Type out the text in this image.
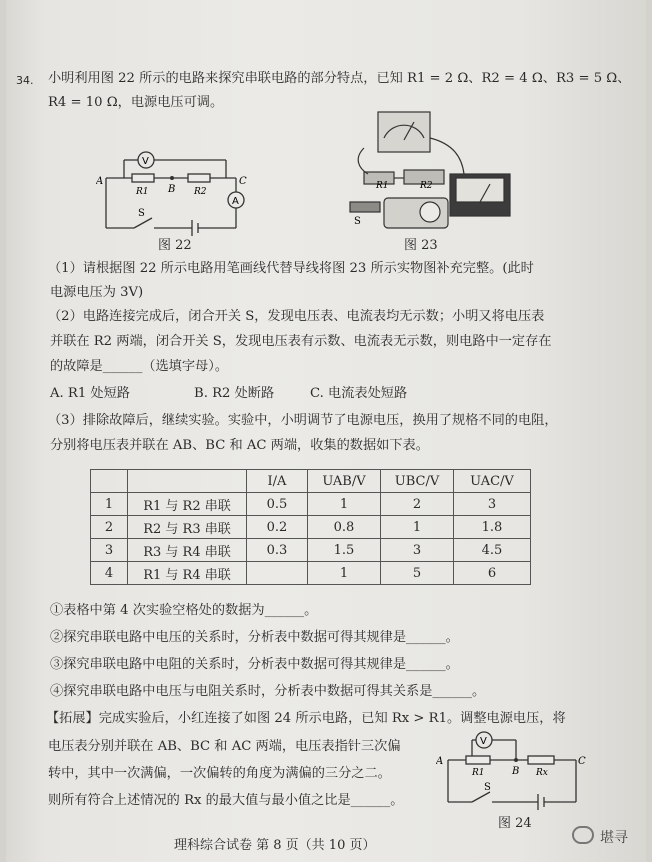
34. 小明利用图 22 所示的电路来探究串联电路的部分特点，已知 R1 = 2 Ω、R2 = 4 Ω、R3 = 5 Ω、
R4 = 10 Ω，电源电压可调。
V
A
A
B
C
R1	R2
S
图 22
R1	R2
S
图 23
（1）请根据图 22 所示电路用笔画线代替导线将图 23 所示实物图补充完整。(此时
电源电压为 3V)
（2）电路连接完成后，闭合开关 S，发现电压表、电流表均无示数；小明又将电压表
并联在 R2 两端，闭合开关 S，发现电压表有示数、电流表无示数，则电路中一定存在
的故障是______（选填字母）。
A. R1 处短路	B. R2 处断路	C. 电流表处短路
（3）排除故障后，继续实验。实验中，小明调节了电源电压，换用了规格不同的电阻，
分别将电压表并联在 AB、BC 和 AC 两端，收集的数据如下表。
		I/A	UAB/V	UBC/V	UAC/V
1	R1 与 R2 串联	0.5	1	2	3
2	R2 与 R3 串联	0.2	0.8	1	1.8
3	R3 与 R4 串联	0.3	1.5	3	4.5
4	R1 与 R4 串联		1	5	6
①表格中第 4 次实验空格处的数据为______。
②探究串联电路中电压的关系时，分析表中数据可得其规律是______。
③探究串联电路中电阻的关系时，分析表中数据可得其规律是______。
④探究串联电路中电压与电阻关系时，分析表中数据可得其关系是______。
【拓展】完成实验后，小红连接了如图 24 所示电路，已知 Rx > R1。调整电源电压，将
电压表分别并联在 AB、BC 和 AC 两端，电压表指针三次偏
转中，其中一次满偏，一次偏转的角度为满偏的三分之二。
则所有符合上述情况的 Rx 的最大值与最小值之比是______。
V
A
B
C
R1	Rx
S
图 24
理科综合试卷 第 8 页（共 10 页）	堪寻
